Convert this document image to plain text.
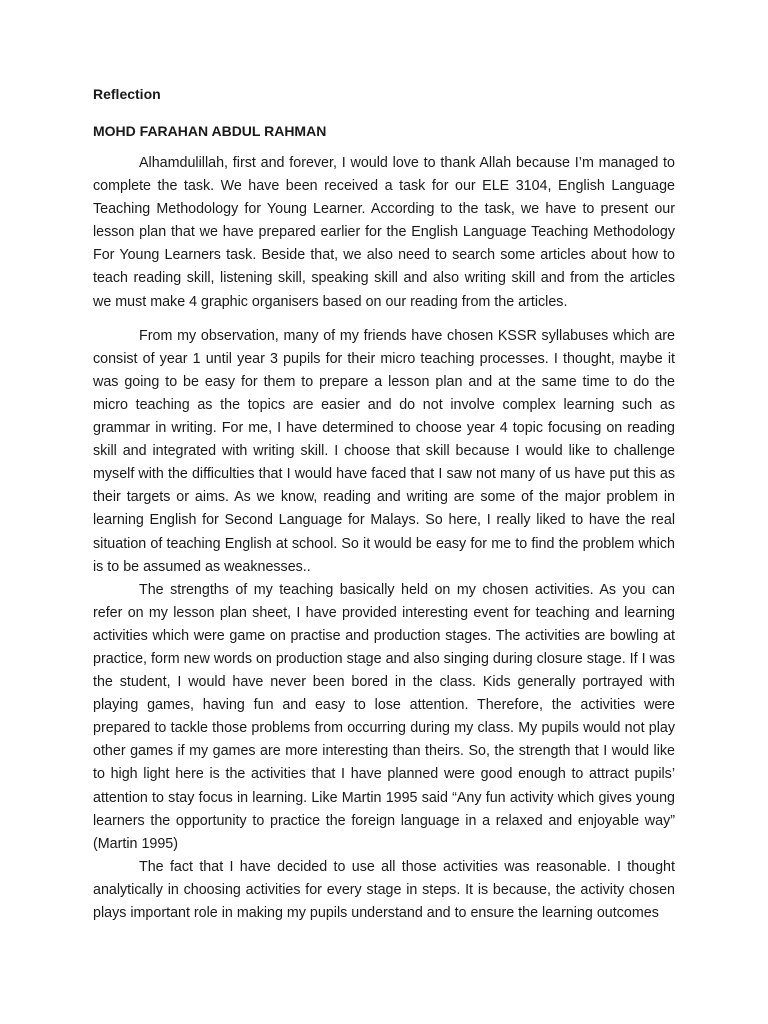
Reflection

MOHD FARAHAN ABDUL RAHMAN

Alhamdulillah, first and forever, I would love to thank Allah because I’m managed to complete the task. We have been received a task for our ELE 3104, English Language Teaching Methodology for Young Learner. According to the task, we have to present our lesson plan that we have prepared earlier for the English Language Teaching Methodology For Young Learners task. Beside that, we also need to search some articles about how to teach reading skill, listening skill, speaking skill and also writing skill and from the articles we must make 4 graphic organisers based on our reading from the articles.

From my observation, many of my friends have chosen KSSR syllabuses which are consist of year 1 until year 3 pupils for their micro teaching processes. I thought, maybe it was going to be easy for them to prepare a lesson plan and at the same time to do the micro teaching as the topics are easier and do not involve complex learning such as grammar in writing. For me, I have determined to choose year 4 topic focusing on reading skill and integrated with writing skill. I choose that skill because I would like to challenge myself with the difficulties that I would have faced that I saw not many of us have put this as their targets or aims. As we know, reading and writing are some of the major problem in learning English for Second Language for Malays. So here, I really liked to have the real situation of teaching English at school. So it would be easy for me to find the problem which is to be assumed as weaknesses..

The strengths of my teaching basically held on my chosen activities. As you can refer on my lesson plan sheet, I have provided interesting event for teaching and learning activities which were game on practise and production stages. The activities are bowling at practice, form new words on production stage and also singing during closure stage. If I was the student, I would have never been bored in the class. Kids generally portrayed with playing games, having fun and easy to lose attention. Therefore, the activities were prepared to tackle those problems from occurring during my class. My pupils would not play other games if my games are more interesting than theirs. So, the strength that I would like to high light here is the activities that I have planned were good enough to attract pupils’ attention to stay focus in learning. Like Martin 1995 said “Any fun activity which gives young learners the opportunity to practice the foreign language in a relaxed and enjoyable way” (Martin 1995)

The fact that I have decided to use all those activities was reasonable. I thought analytically in choosing activities for every stage in steps. It is because, the activity chosen plays important role in making my pupils understand and to ensure the learning outcomes
